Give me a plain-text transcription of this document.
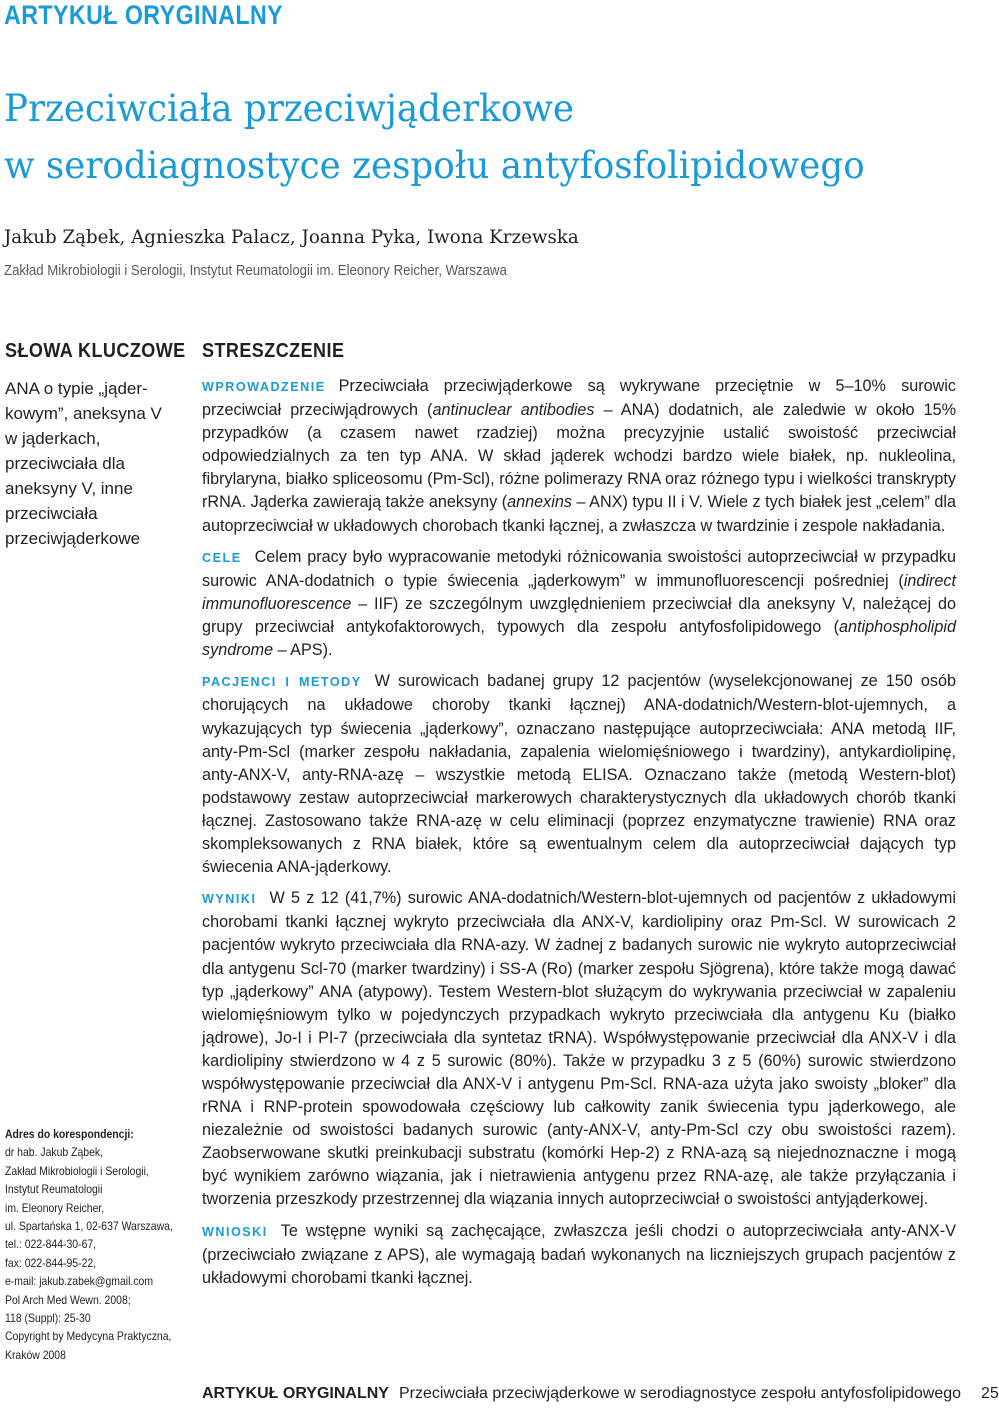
ARTYKUŁ ORYGINALNY
Przeciwciała przeciwjąderkowe
w serodiagnostyce zespołu antyfosfolipidowego
Jakub Ząbek, Agnieszka Palacz, Joanna Pyka, Iwona Krzewska
Zakład Mikrobiologii i Serologii, Instytut Reumatologii im. Eleonory Reicher, Warszawa
SŁOWA KLUCZOWE STRESZCZENIE
ANA o typie „jąder-
kowym”, aneksyna V
w jąderkach,
przeciwciała dla
aneksyny V, inne
przeciwciała
przeciwjąderkowe
Adres do korespondencji:
dr hab. Jakub Ząbek,
Zakład Mikrobiologii i Serologii,
Instytut Reumatologii
im. Eleonory Reicher,
ul. Spartańska 1, 02-637 Warszawa,
tel.: 022-844-30-67,
fax: 022-844-95-22,
e-mail: jakub.zabek@gmail.com
Pol Arch Med Wewn. 2008;
118 (Suppl): 25-30
Copyright by Medycyna Praktyczna,
Kraków 2008

WPROWADZENIE Przeciwciała przeciwjąderkowe są wykrywane przeciętnie w 5–10% surowic przeciwciał przeciwjądrowych (antinuclear antibodies – ANA) dodatnich, ale zaledwie w około 15% przypadków (a czasem nawet rzadziej) można precyzyjnie ustalić swoistość przeciwciał odpowiedzialnych za ten typ ANA. W skład jąderek wchodzi bardzo wiele białek, np. nukleolina, fibrylaryna, białko spliceosomu (Pm-Scl), różne polimerazy RNA oraz różnego typu i wielkości transkrypty rRNA. Jąderka zawierają także aneksyny (annexins – ANX) typu II i V. Wiele z tych białek jest „celem” dla autoprzeciwciał w układowych chorobach tkanki łącznej, a zwłaszcza w twardzinie i zespole nakładania.

CELE Celem pracy było wypracowanie metodyki różnicowania swoistości autoprzeciwciał w przypadku surowic ANA-dodatnich o typie świecenia „jąderkowym” w immunofluorescencji pośredniej (indirect immunofluorescence – IIF) ze szczególnym uwzględnieniem przeciwciał dla aneksyny V, należącej do grupy przeciwciał antykofaktorowych, typowych dla zespołu antyfosfolipidowego (antiphospholipid syndrome – APS).

PACJENCI I METODY W surowicach badanej grupy 12 pacjentów (wyselekcjonowanej ze 150 osób chorujących na układowe choroby tkanki łącznej) ANA-dodatnich/Western-blot-ujemnych, a wykazujących typ świecenia „jąderkowy”, oznaczano następujące autoprzeciwciała: ANA metodą IIF, anty-Pm-Scl (marker zespołu nakładania, zapalenia wielomięśniowego i twardziny), antykardiolipinę, anty-ANX-V, anty-RNA-azę – wszystkie metodą ELISA. Oznaczano także (metodą Western-blot) podstawowy zestaw autoprzeciwciał markerowych charakterystycznych dla układowych chorób tkanki łącznej. Zastosowano także RNA-azę w celu eliminacji (poprzez enzymatyczne trawienie) RNA oraz skompleksowanych z RNA białek, które są ewentualnym celem dla autoprzeciwciał dających typ świecenia ANA-jąderkowy.

WYNIKI W 5 z 12 (41,7%) surowic ANA-dodatnich/Western-blot-ujemnych od pacjentów z układowymi chorobami tkanki łącznej wykryto przeciwciała dla ANX-V, kardiolipiny oraz Pm-Scl. W surowicach 2 pacjentów wykryto przeciwciała dla RNA-azy. W żadnej z badanych surowic nie wykryto autoprzeciwciał dla antygenu Scl-70 (marker twardziny) i SS-A (Ro) (marker zespołu Sjögrena), które także mogą dawać typ „jąderkowy” ANA (atypowy). Testem Western-blot służącym do wykrywania przeciwciał w zapaleniu wielomięśniowym tylko w pojedynczych przypadkach wykryto przeciwciała dla antygenu Ku (białko jądrowe), Jo-I i PI-7 (przeciwciała dla syntetaz tRNA). Współwystępowanie przeciwciał dla ANX-V i dla kardiolipiny stwierdzono w 4 z 5 surowic (80%). Także w przypadku 3 z 5 (60%) surowic stwierdzono współwystępowanie przeciwciał dla ANX-V i antygenu Pm-Scl. RNA-aza użyta jako swoisty „bloker” dla rRNA i RNP-protein spowodowała częściowy lub całkowity zanik świecenia typu jąderkowego, ale niezależnie od swoistości badanych surowic (anty-ANX-V, anty-Pm-Scl czy obu swoistości razem). Zaobserwowane skutki preinkubacji substratu (komórki Hep-2) z RNA-azą są niejednoznaczne i mogą być wynikiem zarówno wiązania, jak i nietrawienia antygenu przez RNA-azę, ale także przyłączania i tworzenia przeszkody przestrzennej dla wiązania innych autoprzeciwciał o swoistości antyjąderkowej.

WNIOSKI Te wstępne wyniki są zachęcające, zwłaszcza jeśli chodzi o autoprzeciwciała anty-ANX-V (przeciwciało związane z APS), ale wymagają badań wykonanych na liczniejszych grupach pacjentów z układowymi chorobami tkanki łącznej.

ARTYKUŁ ORYGINALNY Przeciwciała przeciwjąderkowe w serodiagnostyce zespołu antyfosfolipidowego 25
